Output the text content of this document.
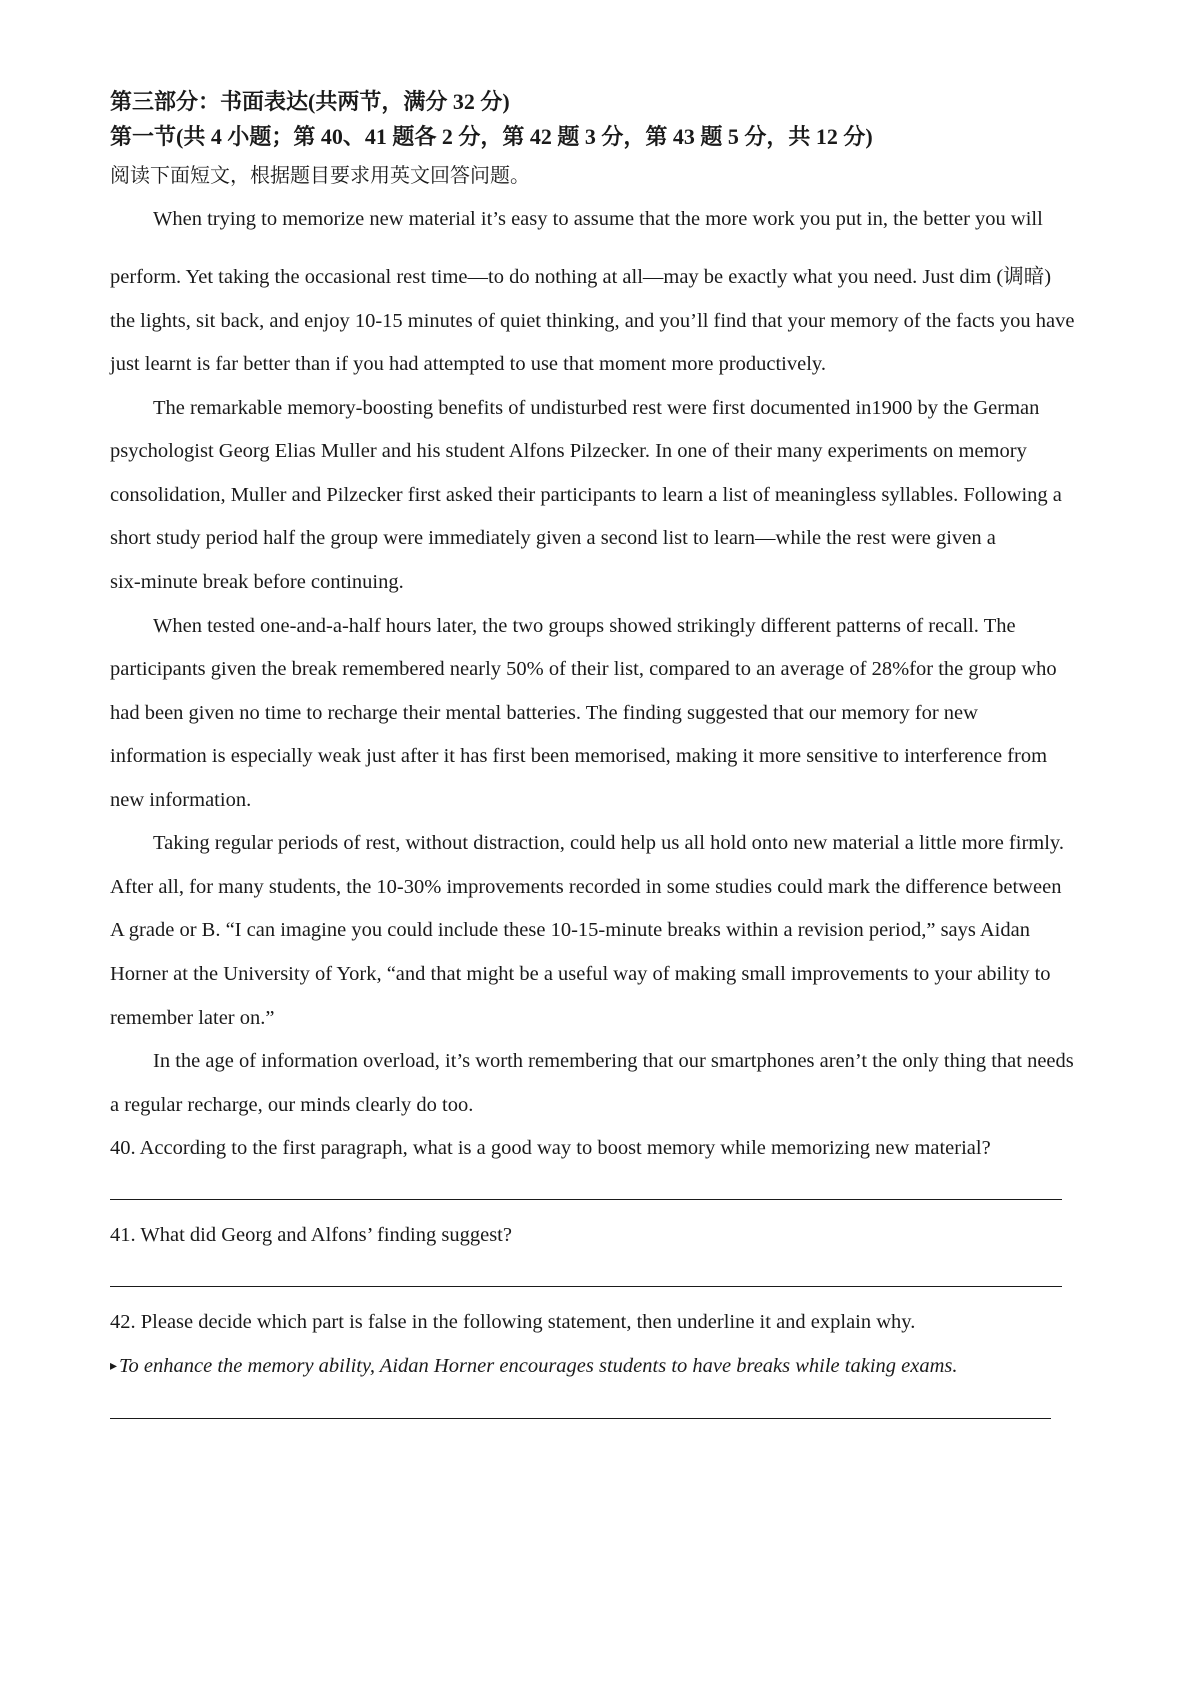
第三部分：书面表达(共两节，满分 32 分)
第一节(共 4 小题；第 40、41 题各 2 分，第 42 题 3 分，第 43 题 5 分，共 12 分)
阅读下面短文，根据题目要求用英文回答问题。
When trying to memorize new material it’s easy to assume that the more work you put in, the better you will
perform. Yet taking the occasional rest time—to do nothing at all—may be exactly what you need. Just dim (调暗)
the lights, sit back, and enjoy 10-15 minutes of quiet thinking, and you’ll find that your memory of the facts you have
just learnt is far better than if you had attempted to use that moment more productively.
The remarkable memory-boosting benefits of undisturbed rest were first documented in1900 by the German
psychologist Georg Elias Muller and his student Alfons Pilzecker. In one of their many experiments on memory
consolidation, Muller and Pilzecker first asked their participants to learn a list of meaningless syllables. Following a
short study period half the group were immediately given a second list to learn—while the rest were given a
six-minute break before continuing.
When tested one-and-a-half hours later, the two groups showed strikingly different patterns of recall. The
participants given the break remembered nearly 50% of their list, compared to an average of 28%for the group who
had been given no time to recharge their mental batteries. The finding suggested that our memory for new
information is especially weak just after it has first been memorised, making it more sensitive to interference from
new information.
Taking regular periods of rest, without distraction, could help us all hold onto new material a little more firmly.
After all, for many students, the 10-30% improvements recorded in some studies could mark the difference between
A grade or B. “I can imagine you could include these 10-15-minute breaks within a revision period,” says Aidan
Horner at the University of York, “and that might be a useful way of making small improvements to your ability to
remember later on.”
In the age of information overload, it’s worth remembering that our smartphones aren’t the only thing that needs
a regular recharge, our minds clearly do too.
40. According to the first paragraph, what is a good way to boost memory while memorizing new material?
41. What did Georg and Alfons’ finding suggest?
42. Please decide which part is false in the following statement, then underline it and explain why.
▸To enhance the memory ability, Aidan Horner encourages students to have breaks while taking exams.
